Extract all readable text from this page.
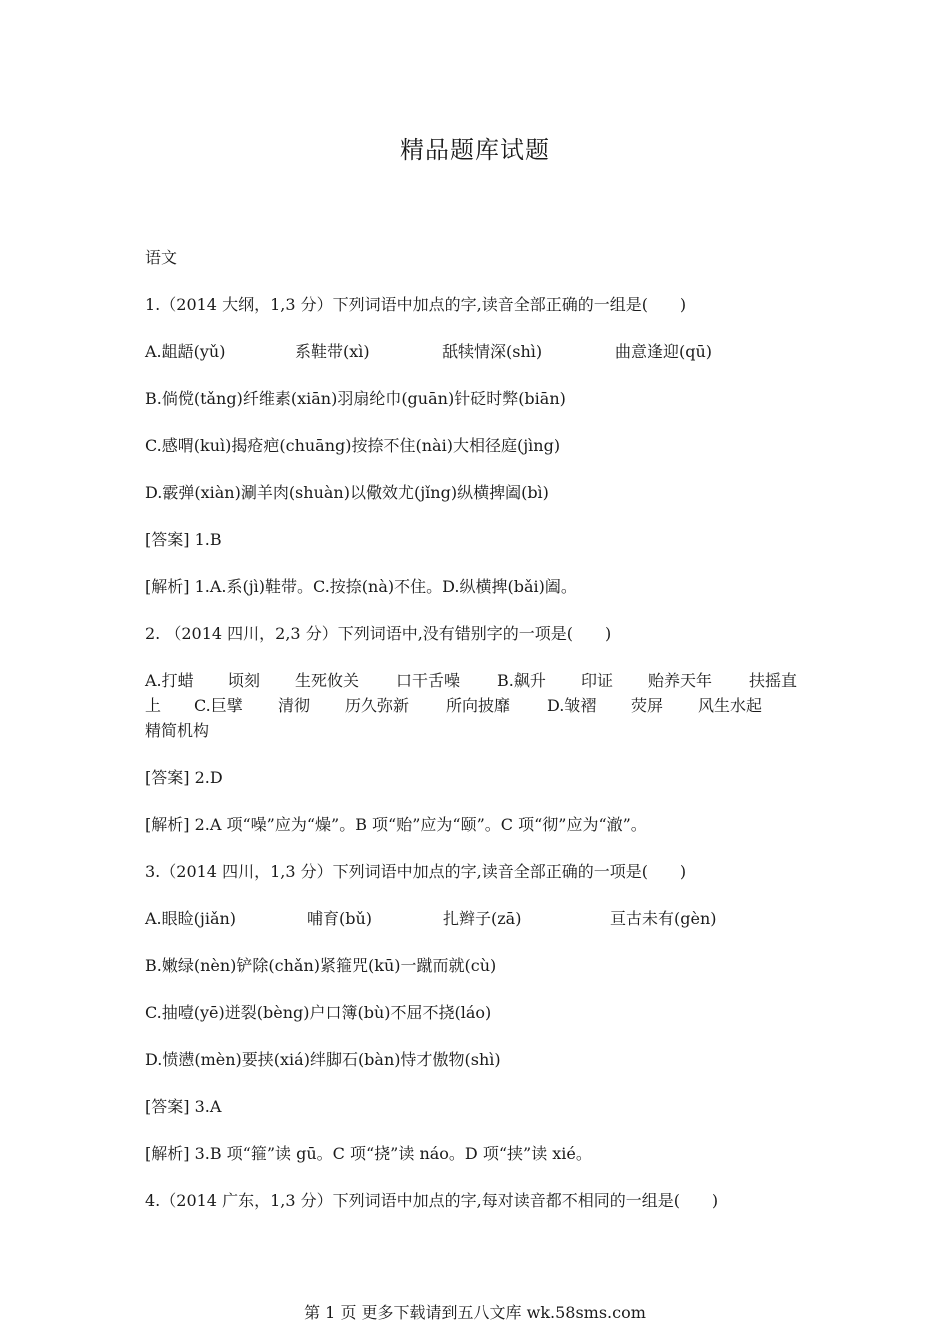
精品题库试题
语文
1.（2014 大纲，1,3 分）下列词语中加点的字,读音全部正确的一组是(　　)
A.龃龉(yǔ)	系鞋带(xì)	舐犊情深(shì)	曲意逢迎(qū)
B.倘傥(tǎng)纤维素(xiān)羽扇纶巾(guān)针砭时弊(biān)
C.感喟(kuì)揭疮疤(chuāng)按捺不住(nài)大相径庭(jìng)
D.霰弹(xiàn)涮羊肉(shuàn)以儆效尤(jǐng)纵横捭阖(bì)
[答案] 1.B
[解析] 1.A.系(jì)鞋带。C.按捺(nà)不住。D.纵横捭(bǎi)阖。
2. （2014 四川，2,3 分）下列词语中,没有错别字的一项是(　　)
A.打蜡 顷刻 生死攸关 口干舌噪 B.飙升 印证 贻养天年 扶摇直
上 C.巨擘 清彻 历久弥新 所向披靡 D.皱褶 荧屏 风生水起
精简机构
[答案] 2.D
[解析] 2.A 项“噪”应为“燥”。B 项“贻”应为“颐”。C 项“彻”应为“澈”。
3.（2014 四川，1,3 分）下列词语中加点的字,读音全部正确的一项是(　　)
A.眼睑(jiǎn)	哺育(bǔ)	扎辫子(zā)	亘古未有(gèn)
B.嫩绿(nèn)铲除(chǎn)紧箍咒(kū)一蹴而就(cù)
C.抽噎(yē)迸裂(bèng)户口簿(bù)不屈不挠(láo)
D.愤懑(mèn)要挟(xiá)绊脚石(bàn)恃才傲物(shì)
[答案] 3.A
[解析] 3.B 项“箍”读 gū。C 项“挠”读 náo。D 项“挟”读 xié。
4.（2014 广东，1,3 分）下列词语中加点的字,每对读音都不相同的一组是(　　)
第 1 页 更多下载请到五八文库 wk.58sms.com
